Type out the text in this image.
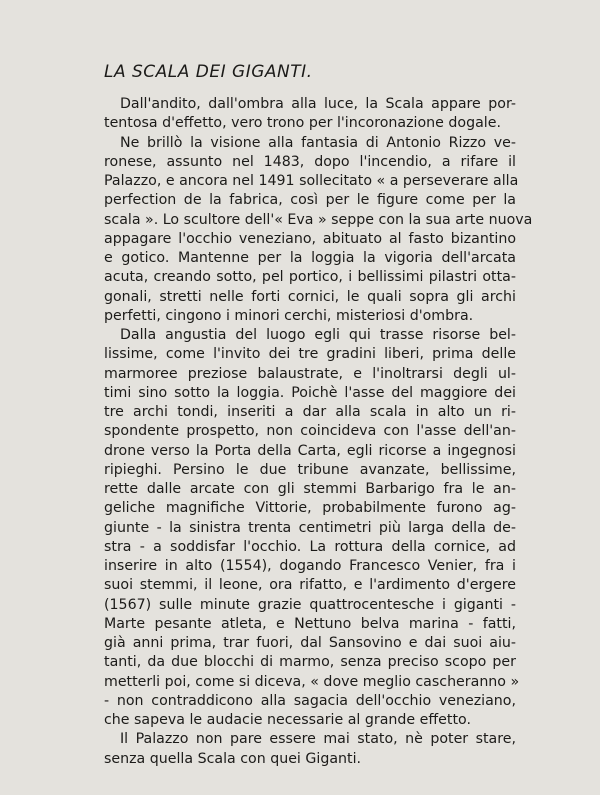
LA SCALA DEI GIGANTI.
Dall'andito, dall'ombra alla luce, la Scala appare por-
tentosa d'effetto, vero trono per l'incoronazione dogale.
Ne brillò la visione alla fantasia di Antonio Rizzo ve-
ronese, assunto nel 1483, dopo l'incendio, a rifare il
Palazzo, e ancora nel 1491 sollecitato « a perseverare alla
perfection de la fabrica, così per le figure come per la
scala ». Lo scultore dell'« Eva » seppe con la sua arte nuova
appagare l'occhio veneziano, abituato al fasto bizantino
e gotico. Mantenne per la loggia la vigoria dell'arcata
acuta, creando sotto, pel portico, i bellissimi pilastri otta-
gonali, stretti nelle forti cornici, le quali sopra gli archi
perfetti, cingono i minori cerchi, misteriosi d'ombra.
Dalla angustia del luogo egli qui trasse risorse bel-
lissime, come l'invito dei tre gradini liberi, prima delle
marmoree preziose balaustrate, e l'inoltrarsi degli ul-
timi sino sotto la loggia. Poichè l'asse del maggiore dei
tre archi tondi, inseriti a dar alla scala in alto un ri-
spondente prospetto, non coincideva con l'asse dell'an-
drone verso la Porta della Carta, egli ricorse a ingegnosi
ripieghi. Persino le due tribune avanzate, bellissime,
rette dalle arcate con gli stemmi Barbarigo fra le an-
geliche magnifiche Vittorie, probabilmente furono ag-
giunte - la sinistra trenta centimetri più larga della de-
stra - a soddisfar l'occhio. La rottura della cornice, ad
inserire in alto (1554), dogando Francesco Venier, fra i
suoi stemmi, il leone, ora rifatto, e l'ardimento d'ergere
(1567) sulle minute grazie quattrocentesche i giganti -
Marte pesante atleta, e Nettuno belva marina - fatti,
già anni prima, trar fuori, dal Sansovino e dai suoi aiu-
tanti, da due blocchi di marmo, senza preciso scopo per
metterli poi, come si diceva, « dove meglio cascheranno »
- non contraddicono alla sagacia dell'occhio veneziano,
che sapeva le audacie necessarie al grande effetto.
Il Palazzo non pare essere mai stato, nè poter stare,
senza quella Scala con quei Giganti.
